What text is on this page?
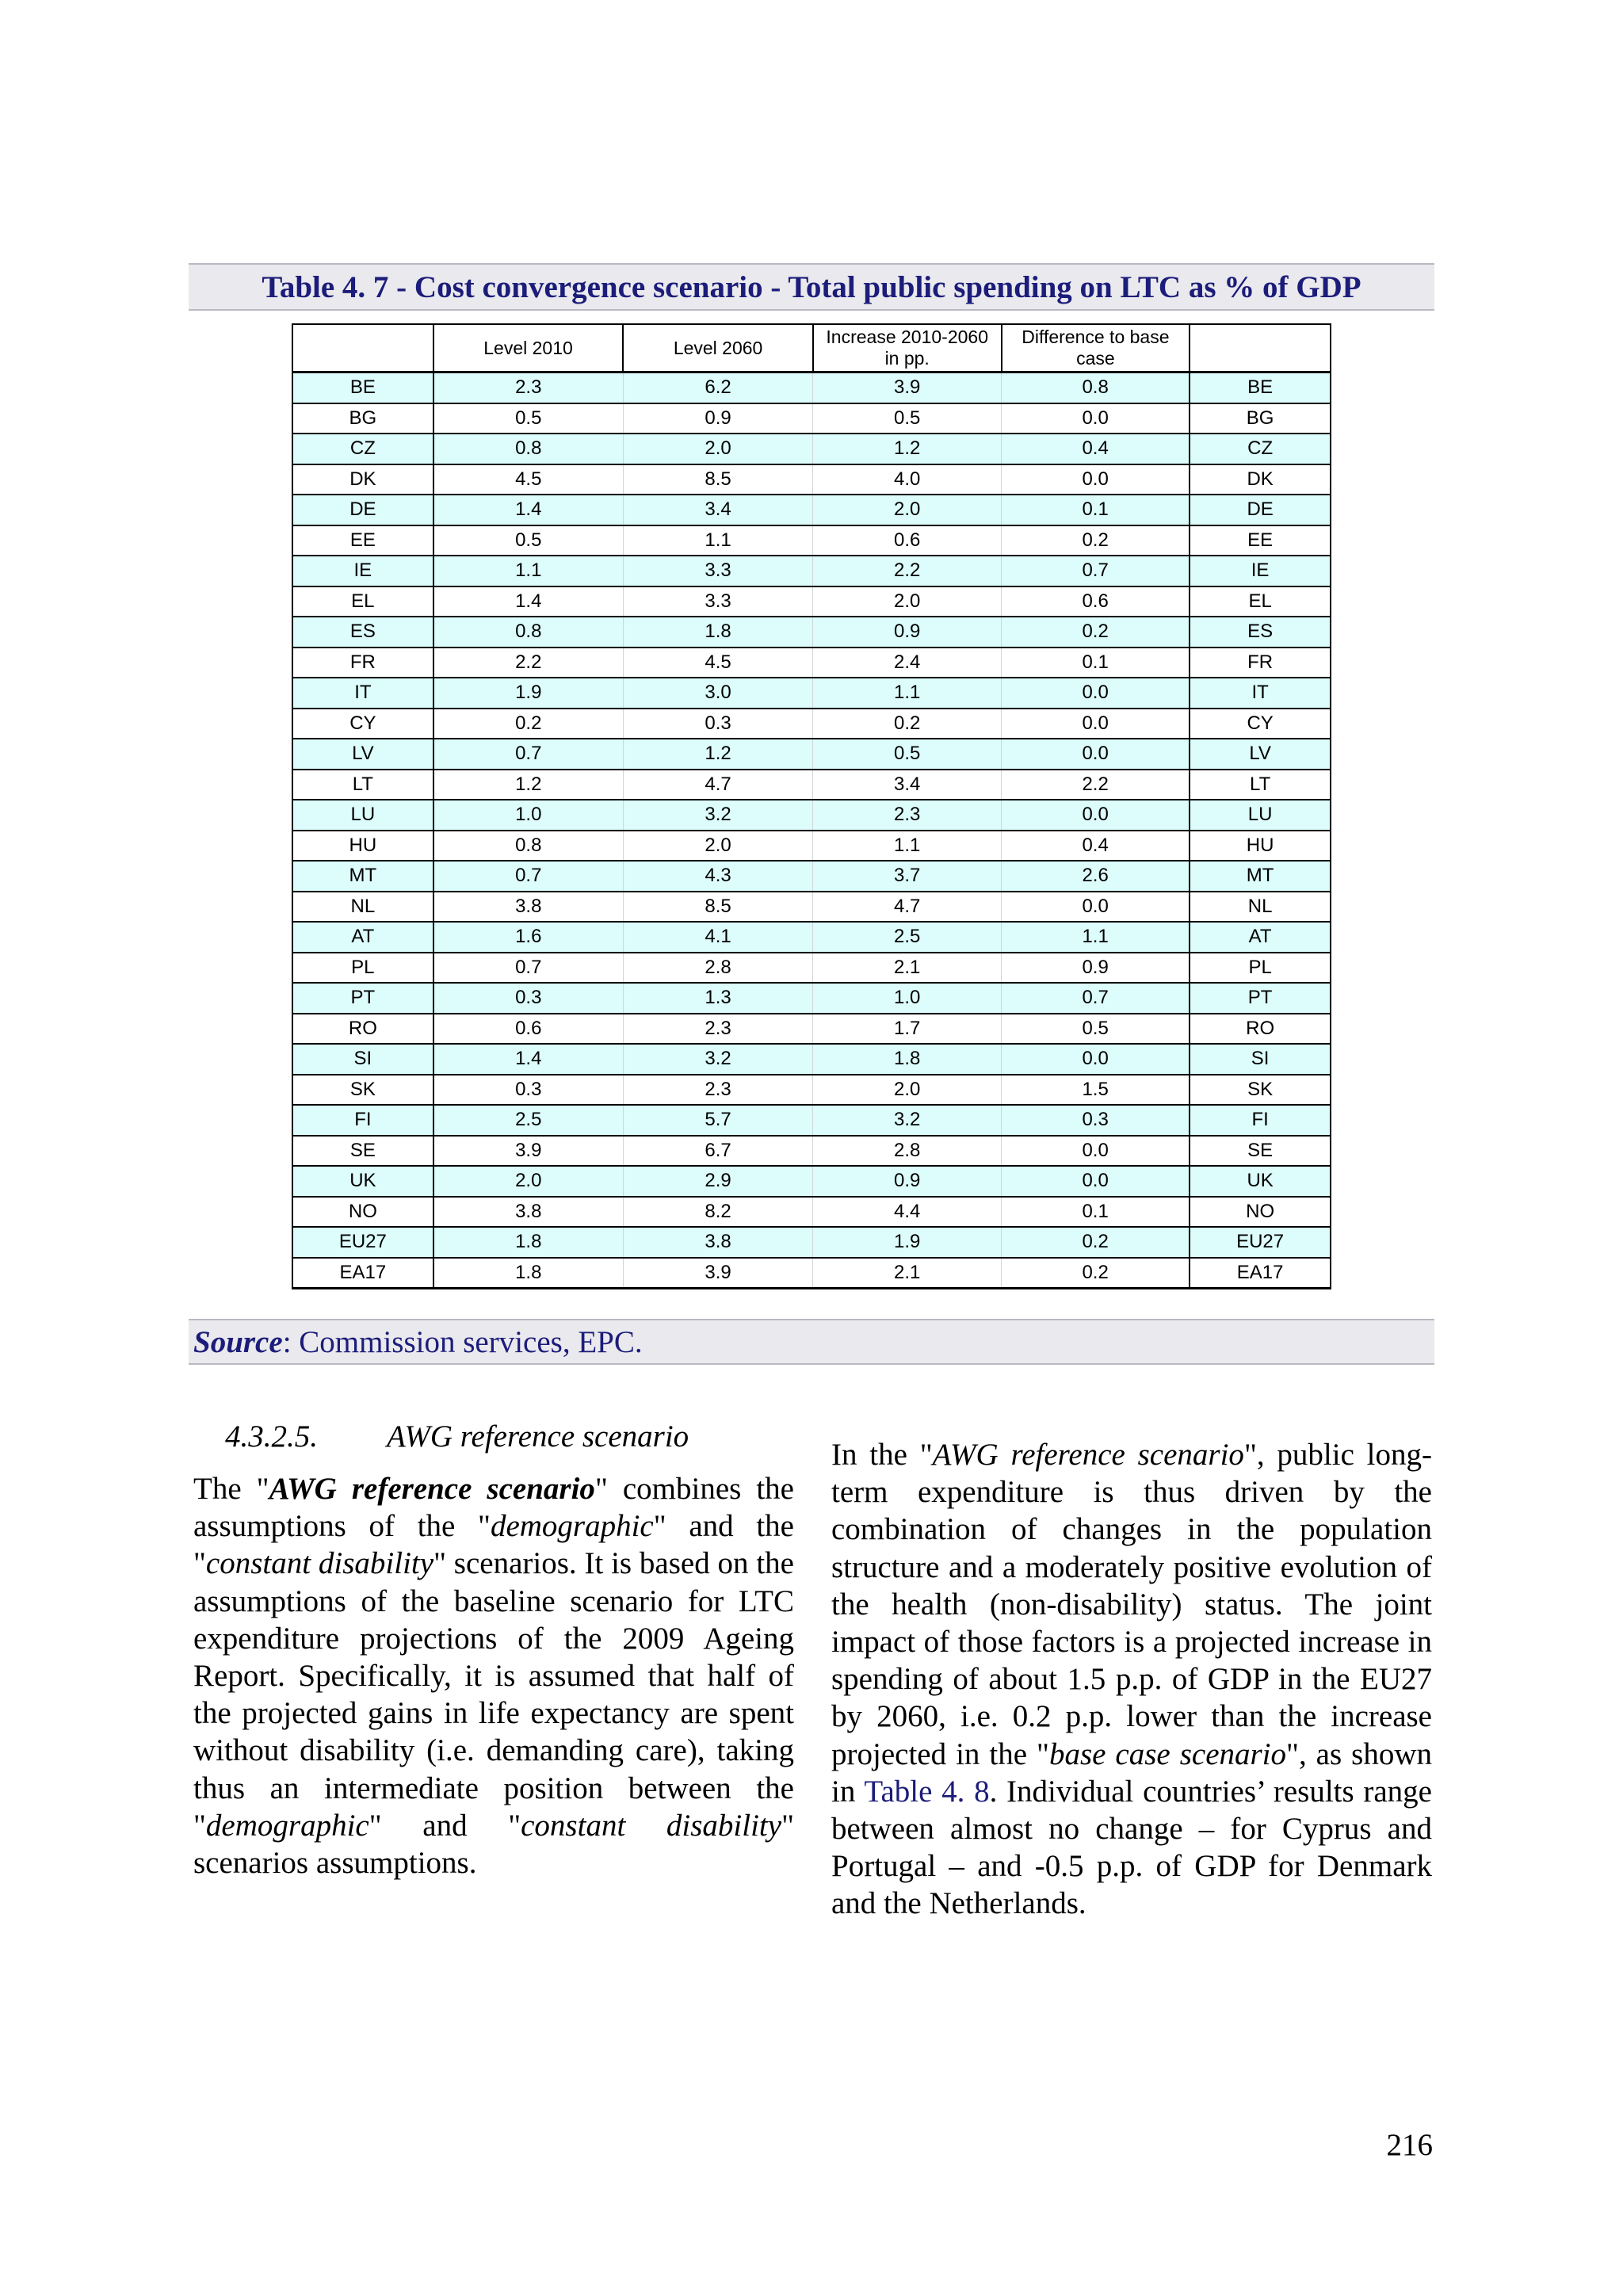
Table 4. 7 - Cost convergence scenario - Total public spending on LTC as % of GDP
	Level 2010	Level 2060	Increase 2010-2060 in pp.	Difference to base case	
BE	2.3	6.2	3.9	0.8	BE
BG	0.5	0.9	0.5	0.0	BG
CZ	0.8	2.0	1.2	0.4	CZ
DK	4.5	8.5	4.0	0.0	DK
DE	1.4	3.4	2.0	0.1	DE
EE	0.5	1.1	0.6	0.2	EE
IE	1.1	3.3	2.2	0.7	IE
EL	1.4	3.3	2.0	0.6	EL
ES	0.8	1.8	0.9	0.2	ES
FR	2.2	4.5	2.4	0.1	FR
IT	1.9	3.0	1.1	0.0	IT
CY	0.2	0.3	0.2	0.0	CY
LV	0.7	1.2	0.5	0.0	LV
LT	1.2	4.7	3.4	2.2	LT
LU	1.0	3.2	2.3	0.0	LU
HU	0.8	2.0	1.1	0.4	HU
MT	0.7	4.3	3.7	2.6	MT
NL	3.8	8.5	4.7	0.0	NL
AT	1.6	4.1	2.5	1.1	AT
PL	0.7	2.8	2.1	0.9	PL
PT	0.3	1.3	1.0	0.7	PT
RO	0.6	2.3	1.7	0.5	RO
SI	1.4	3.2	1.8	0.0	SI
SK	0.3	2.3	2.0	1.5	SK
FI	2.5	5.7	3.2	0.3	FI
SE	3.9	6.7	2.8	0.0	SE
UK	2.0	2.9	0.9	0.0	UK
NO	3.8	8.2	4.4	0.1	NO
EU27	1.8	3.8	1.9	0.2	EU27
EA17	1.8	3.9	2.1	0.2	EA17
Source : Commission services, EPC.
4.3.2.5. AWG reference scenario
The "AWG reference scenario" combines the assumptions of the "demographic" and the "constant disability" scenarios. It is based on the assumptions of the baseline scenario for LTC expenditure projections of the 2009 Ageing Report. Specifically, it is assumed that half of the projected gains in life expectancy are spent without disability (i.e. demanding care), taking thus an intermediate position between the "demographic" and "constant disability" scenarios assumptions.
In the "AWG reference scenario", public long-term expenditure is thus driven by the combination of changes in the population structure and a moderately positive evolution of the health (non-disability) status. The joint impact of those factors is a projected increase in spending of about 1.5 p.p. of GDP in the EU27 by 2060, i.e. 0.2 p.p. lower than the increase projected in the "base case scenario", as shown in Table 4. 8. Individual countries’ results range between almost no change – for Cyprus and Portugal – and -0.5 p.p. of GDP for Denmark and the Netherlands.
216
